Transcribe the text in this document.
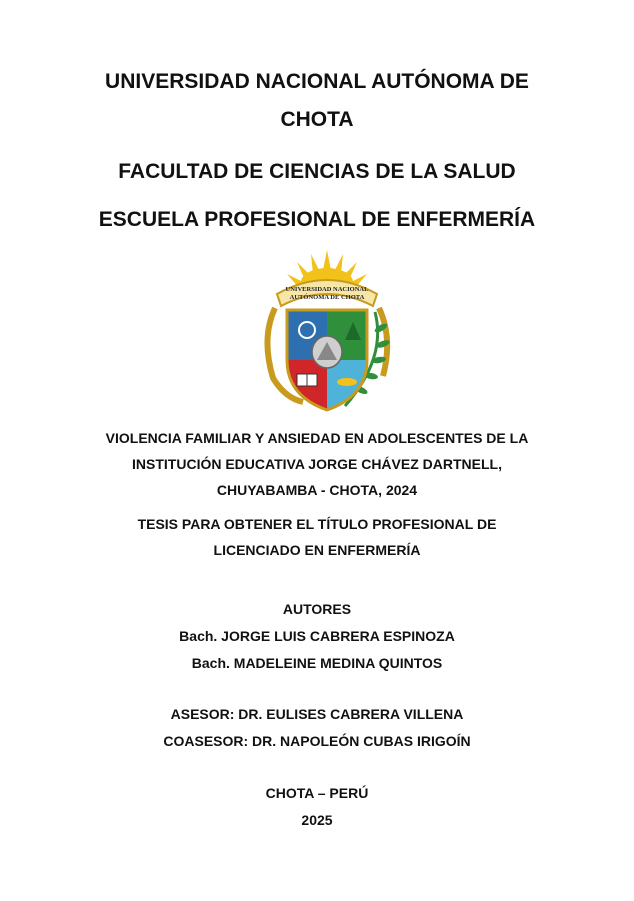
UNIVERSIDAD NACIONAL AUTÓNOMA DE
CHOTA
FACULTAD DE CIENCIAS DE LA SALUD
ESCUELA PROFESIONAL DE ENFERMERÍA
UNIVERSIDAD NACIONAL
AUTÓNOMA DE CHOTA
VIOLENCIA FAMILIAR Y ANSIEDAD EN ADOLESCENTES DE LA
INSTITUCIÓN EDUCATIVA JORGE CHÁVEZ DARTNELL,
CHUYABAMBA - CHOTA, 2024
TESIS PARA OBTENER EL TÍTULO PROFESIONAL DE
LICENCIADO EN ENFERMERÍA
AUTORES
Bach. JORGE LUIS CABRERA ESPINOZA
Bach. MADELEINE MEDINA QUINTOS
ASESOR: DR. EULISES CABRERA VILLENA
COASESOR: DR. NAPOLEÓN CUBAS IRIGOÍN
CHOTA – PERÚ
2025
